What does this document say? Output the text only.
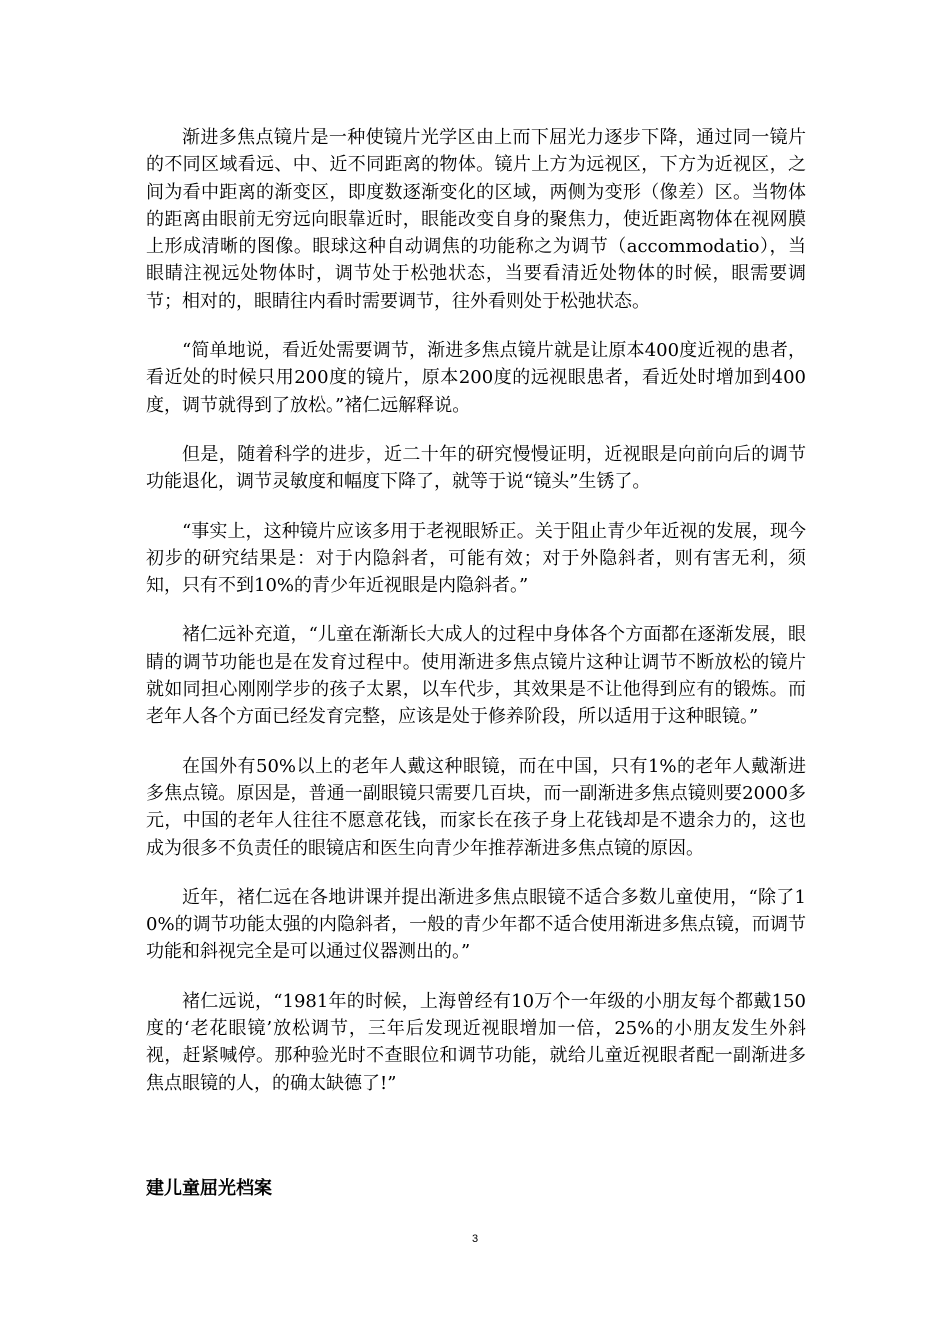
渐进多焦点镜片是一种使镜片光学区由上而下屈光力逐步下降，通过同一镜片的不同区域看远、中、近不同距离的物体。镜片上方为远视区，下方为近视区，之间为看中距离的渐变区，即度数逐渐变化的区域，两侧为变形（像差）区。当物体的距离由眼前无穷远向眼靠近时，眼能改变自身的聚焦力，使近距离物体在视网膜上形成清晰的图像。眼球这种自动调焦的功能称之为调节（accommodatio），当眼睛注视远处物体时，调节处于松弛状态，当要看清近处物体的时候，眼需要调节；相对的，眼睛往内看时需要调节，往外看则处于松弛状态。

“简单地说，看近处需要调节，渐进多焦点镜片就是让原本400度近视的患者，看近处的时候只用200度的镜片，原本200度的远视眼患者，看近处时增加到400度，调节就得到了放松。”褚仁远解释说。

但是，随着科学的进步，近二十年的研究慢慢证明，近视眼是向前向后的调节功能退化，调节灵敏度和幅度下降了，就等于说“镜头”生锈了。

“事实上，这种镜片应该多用于老视眼矫正。关于阻止青少年近视的发展，现今初步的研究结果是：对于内隐斜者，可能有效；对于外隐斜者，则有害无利，须知，只有不到10%的青少年近视眼是内隐斜者。”

褚仁远补充道，“儿童在渐渐长大成人的过程中身体各个方面都在逐渐发展，眼睛的调节功能也是在发育过程中。使用渐进多焦点镜片这种让调节不断放松的镜片就如同担心刚刚学步的孩子太累，以车代步，其效果是不让他得到应有的锻炼。而老年人各个方面已经发育完整，应该是处于修养阶段，所以适用于这种眼镜。”

在国外有50%以上的老年人戴这种眼镜，而在中国，只有1%的老年人戴渐进多焦点镜。原因是，普通一副眼镜只需要几百块，而一副渐进多焦点镜则要2000多元，中国的老年人往往不愿意花钱，而家长在孩子身上花钱却是不遗余力的，这也成为很多不负责任的眼镜店和医生向青少年推荐渐进多焦点镜的原因。

近年，褚仁远在各地讲课并提出渐进多焦点眼镜不适合多数儿童使用，“除了10%的调节功能太强的内隐斜者，一般的青少年都不适合使用渐进多焦点镜，而调节功能和斜视完全是可以通过仪器测出的。”

褚仁远说，“1981年的时候，上海曾经有10万个一年级的小朋友每个都戴150度的‘老花眼镜’放松调节，三年后发现近视眼增加一倍，25%的小朋友发生外斜视，赶紧喊停。那种验光时不查眼位和调节功能，就给儿童近视眼者配一副渐进多焦点眼镜的人，的确太缺德了!”

建儿童屈光档案
3
